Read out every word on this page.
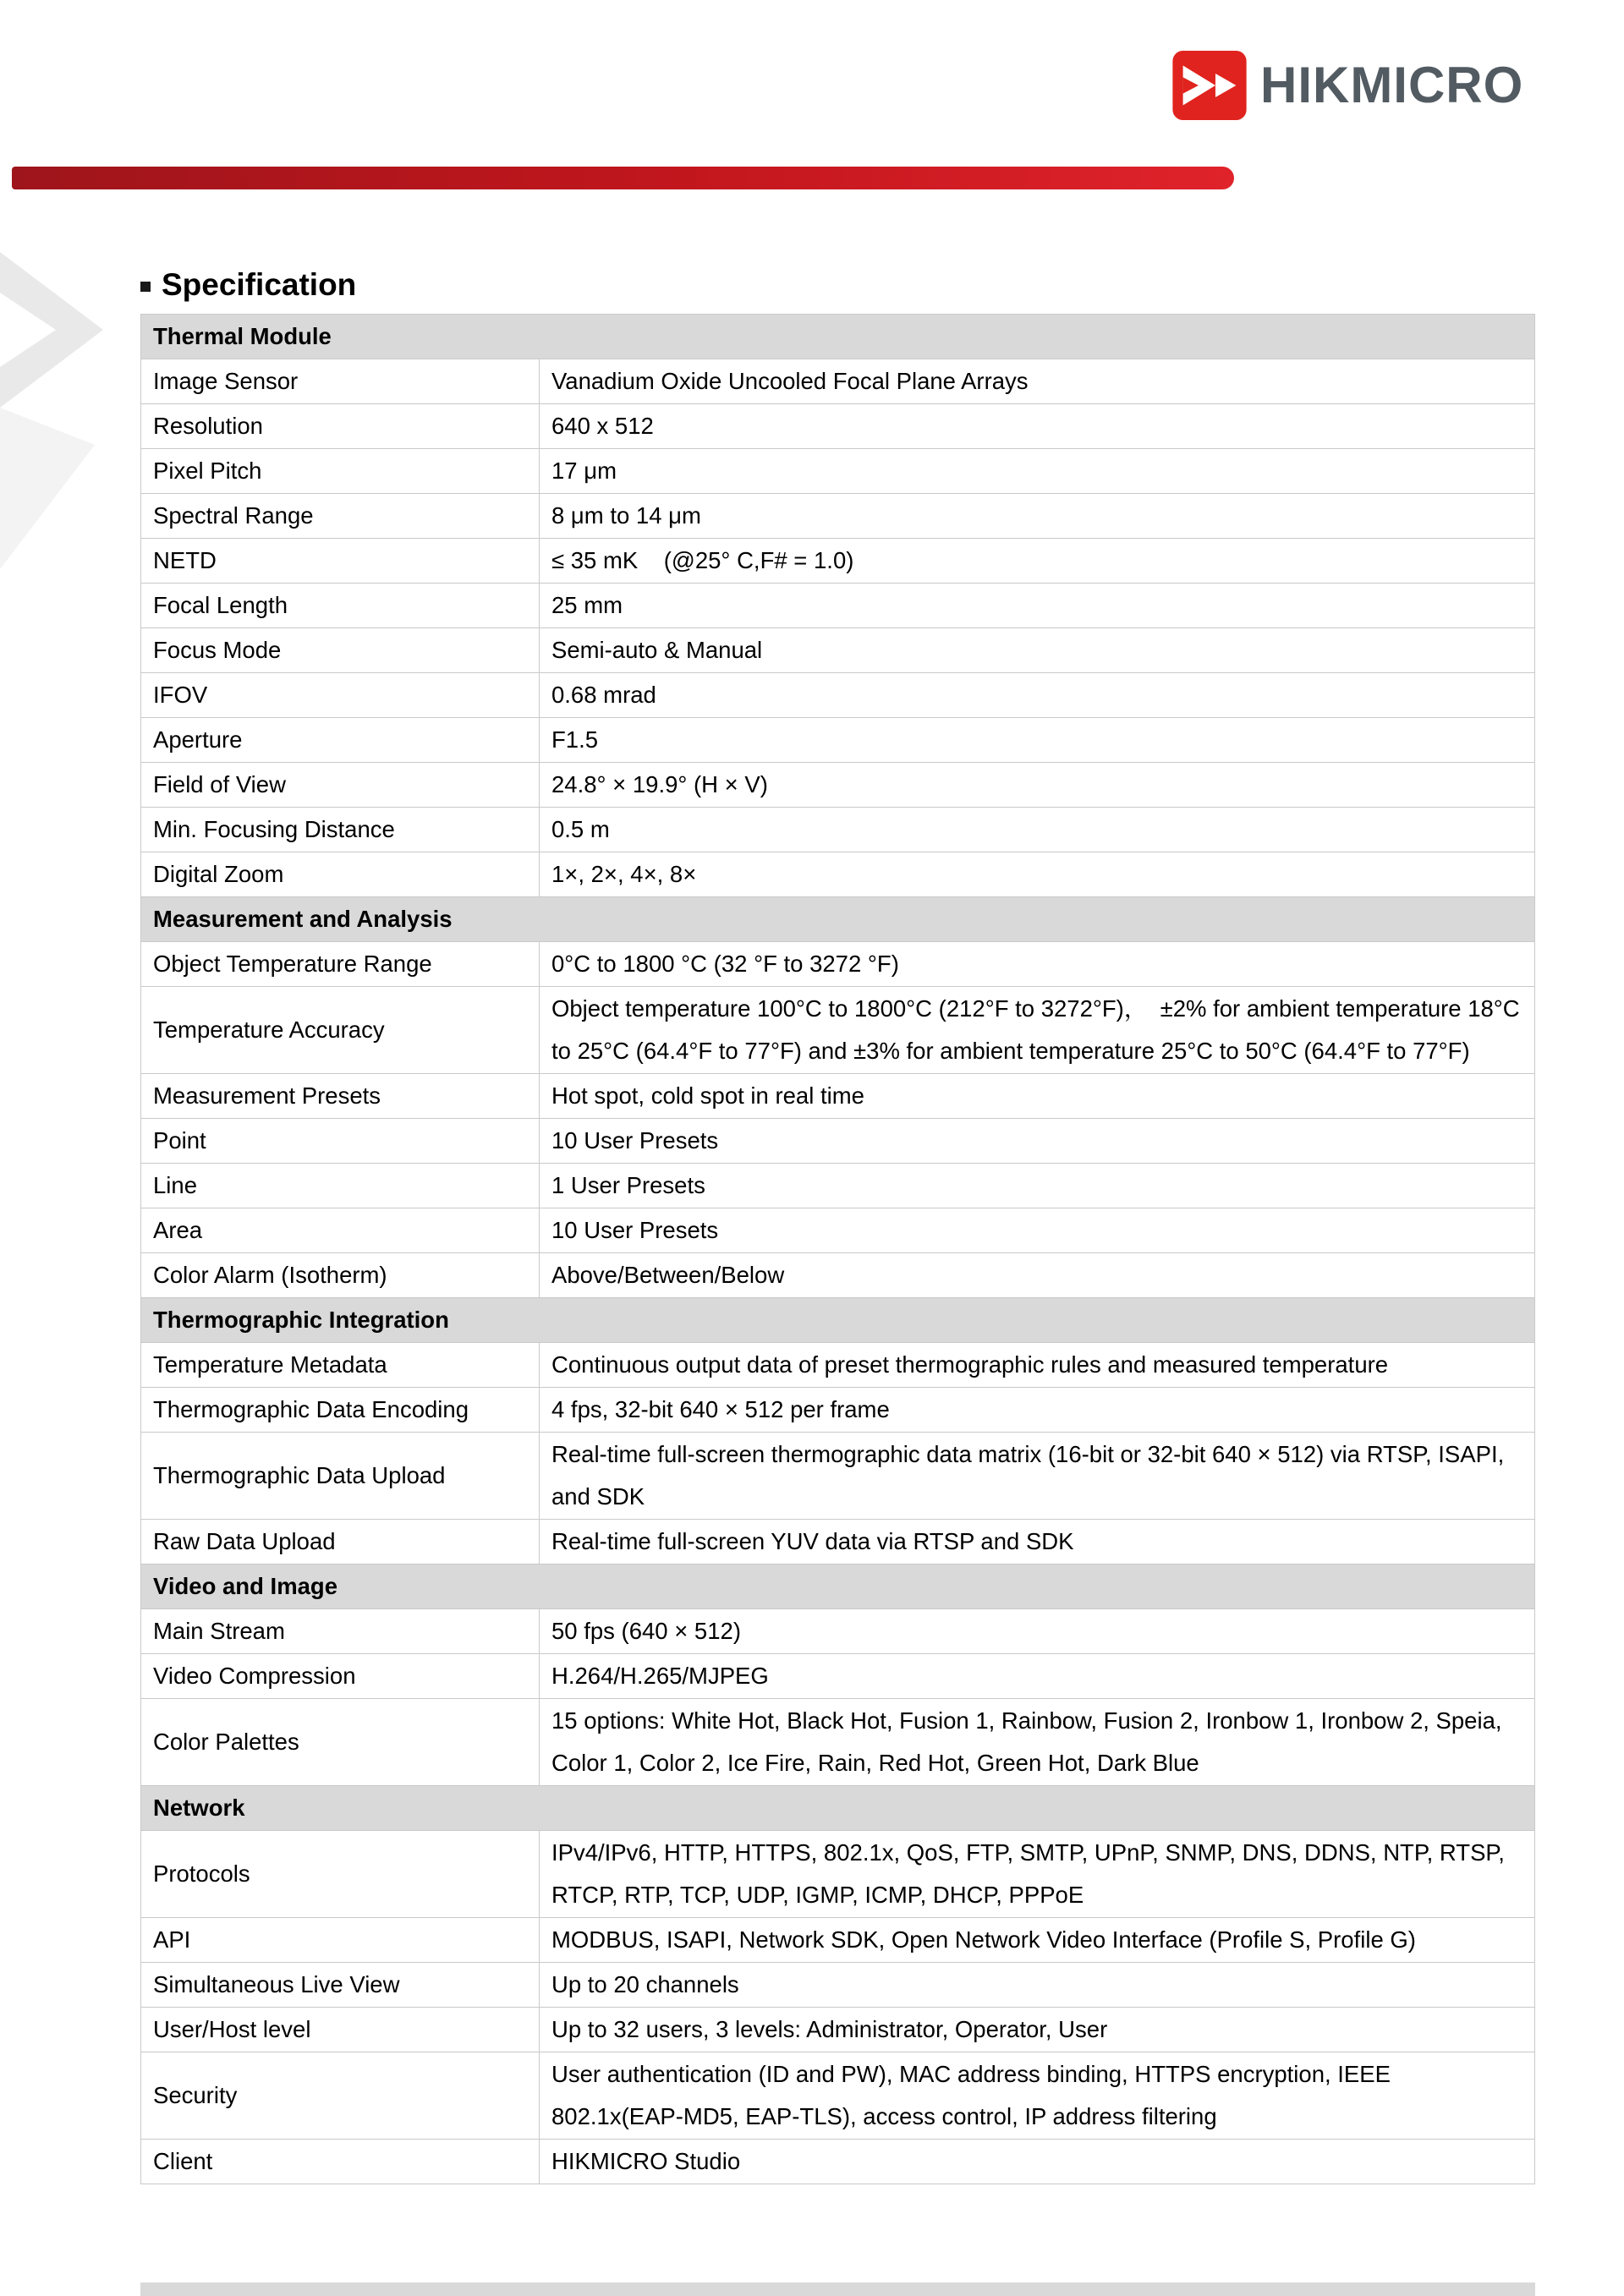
HIKMICRO
Specification
Thermal Module	
Image Sensor	Vanadium Oxide Uncooled Focal Plane Arrays
Resolution	640 x 512
Pixel Pitch	17 μm
Spectral Range	8 μm to 14 μm
NETD	≤ 35 mK    (@25° C,F# = 1.0)
Focal Length	25 mm
Focus Mode	Semi-auto & Manual
IFOV	0.68 mrad
Aperture	F1.5
Field of View	24.8° × 19.9° (H × V)
Min. Focusing Distance	0.5 m
Digital Zoom	1×, 2×, 4×, 8×
Measurement and Analysis	
Object Temperature Range	0°C to 1800 °C (32 °F to 3272 °F)
Temperature Accuracy	Object temperature 100°C to 1800°C (212°F to 3272°F)，  ±2% for ambient temperature 18°C to 25°C (64.4°F to 77°F) and ±3% for ambient temperature 25°C to 50°C (64.4°F to 77°F)
Measurement Presets	Hot spot, cold spot in real time
Point	10 User Presets
Line	1 User Presets
Area	10 User Presets
Color Alarm (Isotherm)	Above/Between/Below
Thermographic Integration	
Temperature Metadata	Continuous output data of preset thermographic rules and measured temperature
Thermographic Data Encoding	4 fps, 32-bit 640 × 512 per frame
Thermographic Data Upload	Real-time full-screen thermographic data matrix (16-bit or 32-bit 640 × 512) via RTSP, ISAPI, and SDK
Raw Data Upload	Real-time full-screen YUV data via RTSP and SDK
Video and Image	
Main Stream	50 fps (640 × 512)
Video Compression	H.264/H.265/MJPEG
Color Palettes	15 options: White Hot, Black Hot, Fusion 1, Rainbow, Fusion 2, Ironbow 1, Ironbow 2, Speia, Color 1, Color 2, Ice Fire, Rain, Red Hot, Green Hot, Dark Blue
Network	
Protocols	IPv4/IPv6, HTTP, HTTPS, 802.1x, QoS, FTP, SMTP, UPnP, SNMP, DNS, DDNS, NTP, RTSP, RTCP, RTP, TCP, UDP, IGMP, ICMP, DHCP, PPPoE
API	MODBUS, ISAPI, Network SDK, Open Network Video Interface (Profile S, Profile G)
Simultaneous Live View	Up to 20 channels
User/Host level	Up to 32 users, 3 levels: Administrator, Operator, User
Security	User authentication (ID and PW), MAC address binding, HTTPS encryption, IEEE 802.1x(EAP-MD5, EAP-TLS), access control, IP address filtering
Client	HIKMICRO Studio
